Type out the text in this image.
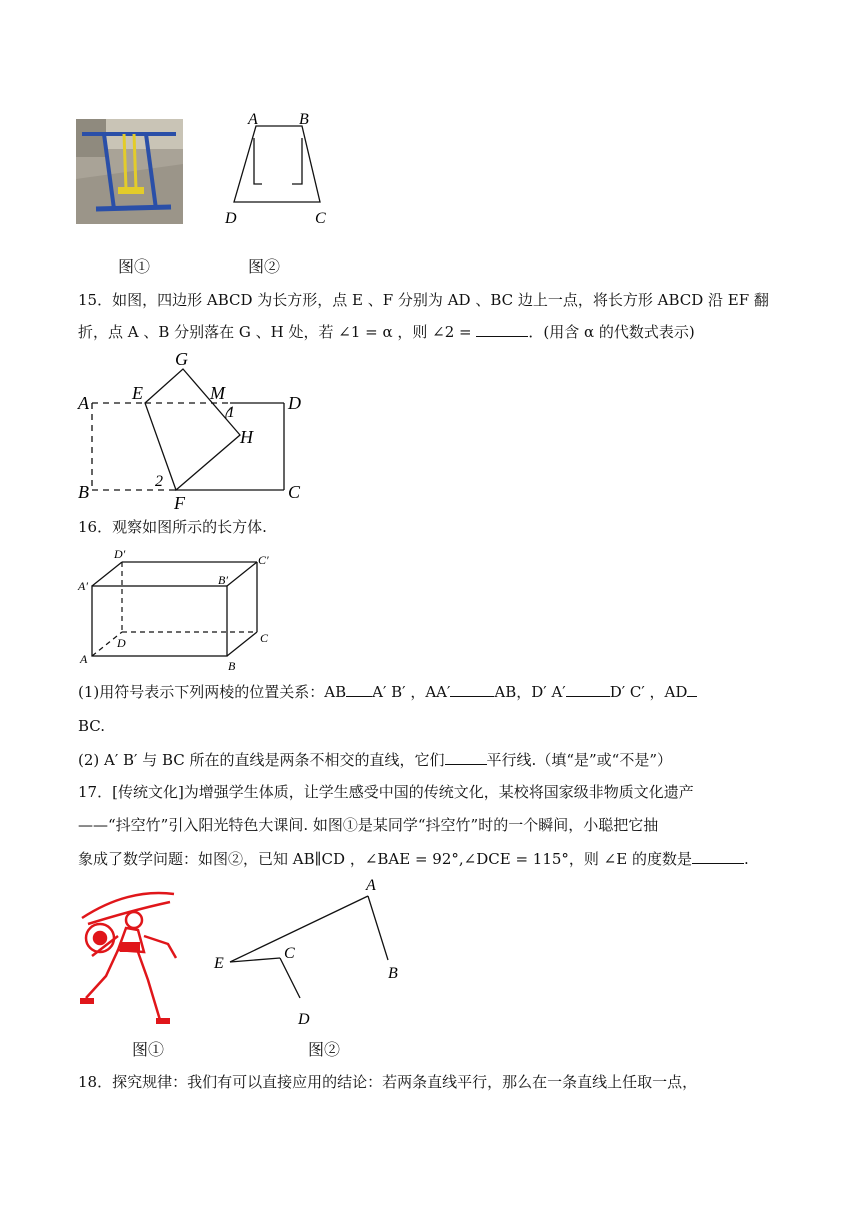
A	B
C
D
图①	图②
15．如图，四边形 ABCD 为长方形，点 E 、F 分别为 AD 、BC 边上一点，将长方形 ABCD 沿 EF 翻
折，点 A 、B 分别落在 G 、H 处，若 ∠1 = α ，则 ∠2 =	．(用含 α 的代数式表示)
G
E	M
A	D
1
H
B
2
F
C
16．观察如图所示的长方体.
D′	C′
A′	B′
C
D
A	B
(1)用符号表示下列两棱的位置关系：AB A′ B′ ，AA′	AB，D′ A′	D′ C′ ，AD
BC.
(2) A′ B′ 与 BC 所在的直线是两条不相交的直线，它们	平行线.（填“是”或“不是”）
17．[传统文化]为增强学生体质，让学生感受中国的传统文化，某校将国家级非物质文化遗产
——“抖空竹”引入阳光特色大课间. 如图①是某同学“抖空竹”时的一个瞬间，小聪把它抽
象成了数学问题：如图②，已知 AB∥CD ，∠BAE = 92°,∠DCE = 115°，则 ∠E 的度数是	.
A
B
C
D
E
图①	图②
18．探究规律：我们有可以直接应用的结论：若两条直线平行，那么在一条直线上任取一点，
